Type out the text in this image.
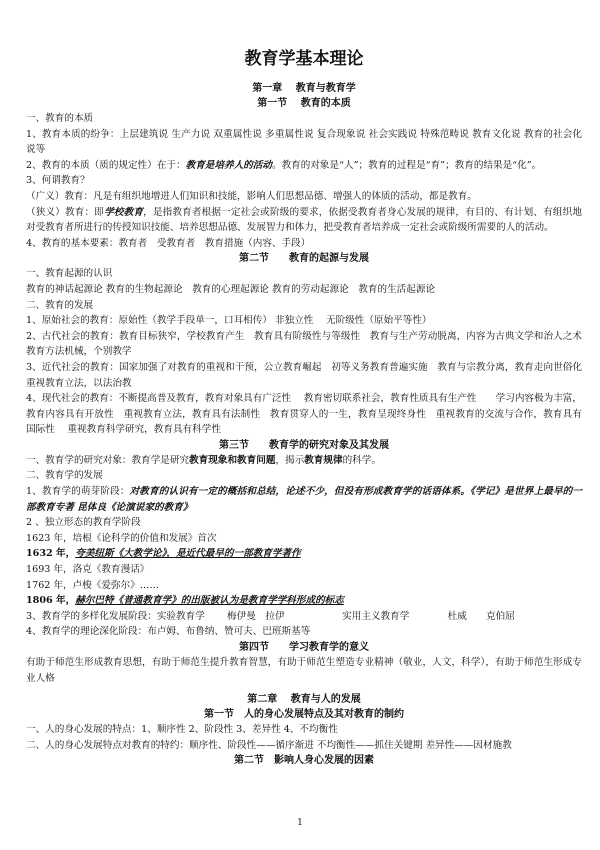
教育学基本理论
第一章　 教育与教育学
第一节　 教育的本质

一、教育的本质

1、教育本质的纷争：上层建筑说 生产力说 双重属性说 多重属性说 复合现象说 社会实践说 特殊范畴说 教育文化说 教育的社会化说等

2、教育的本质（质的规定性）在于：教育是培养人的活动。教育的对象是“人”；教育的过程是“育”；教育的结果是“化”。

3、何谓教育？

（广义）教育：凡是有组织地增进人们知识和技能，影响人们思想品德、增强人的体质的活动，都是教育。

（狭义）教育：即学校教育，是指教育者根据一定社会或阶级的要求，依据受教育者身心发展的规律，有目的、有计划、有组织地对受教育者所进行的传授知识技能、培养思想品德、发展智力和体力，把受教育者培养成一定社会或阶级所需要的人的活动。

4、教育的基本要素：教育者　受教育者　教育措施（内容、手段）

第二节　　教育的起源与发展

一、教育起源的认识

教育的神话起源论 教育的生物起源论　教育的心理起源论 教育的劳动起源论　教育的生活起源论

二、教育的发展

1、原始社会的教育：原始性（教学手段单一，口耳相传） 非独立性　 无阶级性（原始平等性）

2、古代社会的教育：教育目标狭窄，学校教育产生　教育具有阶级性与等级性　教育与生产劳动脱离，内容为古典文学和治人之术　 教育方法机械，个别教学

3、近代社会的教育：国家加强了对教育的重视和干预，公立教育崛起　初等义务教育普遍实施　教育与宗教分离，教育走向世俗化　 重视教育立法，以法治教

4、现代社会的教育：不断提高普及教育，教育对象具有广泛性　 教育密切联系社会，教育性质具有生产性　　学习内容极为丰富，教育内容具有开放性　重视教育立法，教育具有法制性　教育贯穿人的一生，教育呈现终身性　重视教育的交流与合作，教育具有国际性　 重视教育科学研究，教育具有科学性

第三节　　教育学的研究对象及其发展

一、教育学的研究对象：教育学是研究教育现象和教育问题，揭示教育规律的科学。

二、教育学的发展

1、教育学的萌芽阶段：对教育的认识有一定的概括和总结，论述不少，但没有形成教育学的话语体系。《学记》是世界上最早的一部教育专著 昆体良《论演说家的教育》

2 、独立形态的教育学阶段

1623 年，培根《论科学的价值和发展》首次

1632 年，夸美纽斯《大教学论》，是近代最早的一部教育学著作

1693 年，洛克《教育漫话》

1762 年，卢梭《爱弥尔》……

1806 年，赫尔巴特《普通教育学》的出版被认为是教育学学科形成的标志

3、教育学的多样化发展阶段：实验教育学　　 梅伊曼　拉伊　　　　　　实用主义教育学　　　　杜威　　克伯屈

4、教育学的理论深化阶段：布卢姆、布鲁纳、赞可夫、巴班斯基等

第四节　　学习教育学的意义

有助于师范生形成教育思想，有助于师范生提升教育智慧，有助于师范生塑造专业精神（敬业，人文，科学），有助于师范生形成专业人格

第二章　 教育与人的发展
第一节　人的身心发展特点及其对教育的制约

一、人的身心发展的特点：1、顺序性 2、阶段性 3、差异性 4、不均衡性

二、人的身心发展特点对教育的特约：顺序性、阶段性——循序渐进 不均衡性——抓住关键期 差异性——因材施教

第二节　影响人身心发展的因素
1
